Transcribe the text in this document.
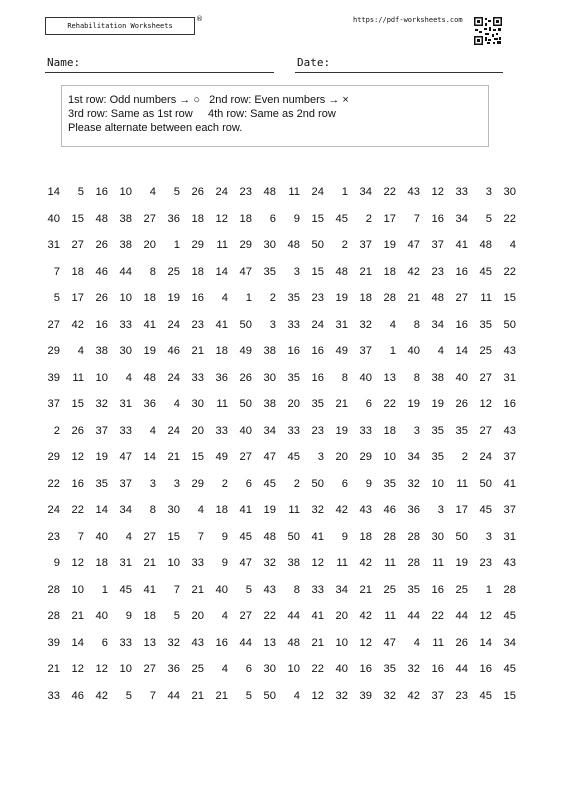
Rehabilitation Worksheets
®	https://pdf-worksheets.com
Name:	Date:
1st row: Odd numbers → ○   2nd row: Even numbers → ×
3rd row: Same as 1st row     4th row: Same as 2nd row
Please alternate between each row.
14	5	16	10	4	5	26	24	23	48	11	24	1	34	22	43	12	33	3	30
40	15	48	38	27	36	18	12	18	6	9	15	45	2	17	7	16	34	5	22
31	27	26	38	20	1	29	11	29	30	48	50	2	37	19	47	37	41	48	4
7	18	46	44	8	25	18	14	47	35	3	15	48	21	18	42	23	16	45	22
5	17	26	10	18	19	16	4	1	2	35	23	19	18	28	21	48	27	11	15
27	42	16	33	41	24	23	41	50	3	33	24	31	32	4	8	34	16	35	50
29	4	38	30	19	46	21	18	49	38	16	16	49	37	1	40	4	14	25	43
39	11	10	4	48	24	33	36	26	30	35	16	8	40	13	8	38	40	27	31
37	15	32	31	36	4	30	11	50	38	20	35	21	6	22	19	19	26	12	16
2	26	37	33	4	24	20	33	40	34	33	23	19	33	18	3	35	35	27	43
29	12	19	47	14	21	15	49	27	47	45	3	20	29	10	34	35	2	24	37
22	16	35	37	3	3	29	2	6	45	2	50	6	9	35	32	10	11	50	41
24	22	14	34	8	30	4	18	41	19	11	32	42	43	46	36	3	17	45	37
23	7	40	4	27	15	7	9	45	48	50	41	9	18	28	28	30	50	3	31
9	12	18	31	21	10	33	9	47	32	38	12	11	42	11	28	11	19	23	43
28	10	1	45	41	7	21	40	5	43	8	33	34	21	25	35	16	25	1	28
28	21	40	9	18	5	20	4	27	22	44	41	20	42	11	44	22	44	12	45
39	14	6	33	13	32	43	16	44	13	48	21	10	12	47	4	11	26	14	34
21	12	12	10	27	36	25	4	6	30	10	22	40	16	35	32	16	44	16	45
33	46	42	5	7	44	21	21	5	50	4	12	32	39	32	42	37	23	45	15
